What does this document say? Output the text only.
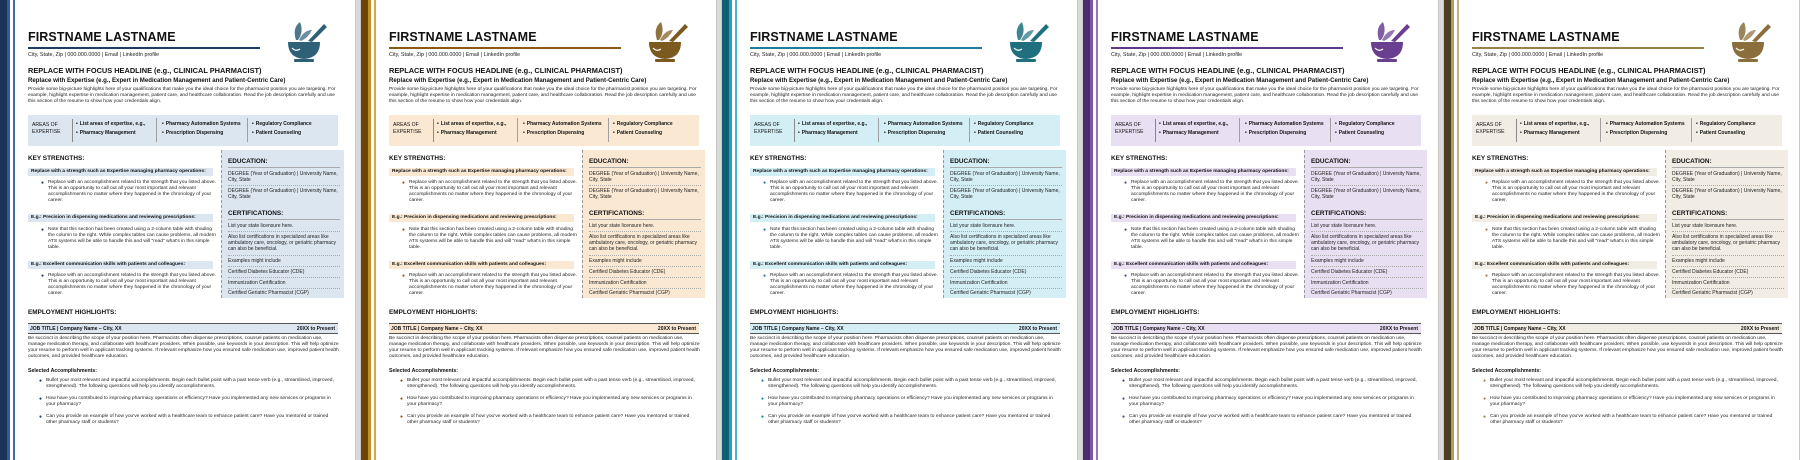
FIRSTNAME LASTNAME
City, State, Zip | 000.000.0000 | Email | LinkedIn profile
REPLACE WITH FOCUS HEADLINE (e.g., CLINICAL PHARMACIST)
Replace with Expertise (e.g., Expert in Medication Management and Patient-Centric Care)
Provide some big-picture highlights here of your qualifications that make you the ideal choice for the pharmacist position you are targeting. For example, highlight expertise in medication management, patient care, and healthcare collaboration. Read the job description carefully and use this section of the resume to show how your credentials align.
AREAS OF
EXPERTISE
• List areas of expertise, e.g.,
• Pharmacy Management
• Pharmacy Automation Systems
• Prescription Dispensing
• Regulatory Compliance
• Patient Counseling
KEY STRENGTHS:
Replace with a strength such as Expertise managing pharmacy operations:
● Replace with an accomplishment related to the strength that you listed above. This is an opportunity to call out all your most important and relevant accomplishments no matter where they happened in the chronology of your career.
E.g.: Precision in dispensing medications and reviewing prescriptions:
● Note that this section has been created using a 2-column table with shading the column to the right. While complex tables can cause problems, all modern ATS systems will be able to handle this and will "read" what's in this simple table.
E.g.: Excellent communication skills with patients and colleagues:
● Replace with an accomplishment related to the strength that you listed above. This is an opportunity to call out all your most important and relevant accomplishments no matter where they happened in the chronology of your career.
EDUCATION:
DEGREE (Year of Graduation) | University Name, City, State
DEGREE (Year of Graduation) | University Name, City, State
CERTIFICATIONS:
List your state licensure here.
Also list certifications in specialized areas like ambulatory care, oncology, or geriatric pharmacy can also be beneficial.
Examples might include
Certified Diabetes Educator (CDE)
Immunization Certification
Certified Geriatric Pharmacist (CGP)
EMPLOYMENT HIGHLIGHTS:
JOB TITLE | Company Name – City, XX	20XX to Present
Be succinct in describing the scope of your position here. Pharmacists often dispense prescriptions, counsel patients on medication use, manage medication therapy, and collaborate with healthcare providers. When possible, use keywords in your description. This will help optimize your resume to perform well in applicant tracking systems. If relevant emphasize how you ensured safe medication use, improved patient health outcomes, and provided healthcare education.
Selected Accomplishments:
● Bullet your most relevant and impactful accomplishments. Begin each bullet point with a past tense verb (e.g., streamlined, improved, strengthened). The following questions will help you identify accomplishments.
● How have you contributed to improving pharmacy operations or efficiency? Have you implemented any new services or programs in your pharmacy?
● Can you provide an example of how you've worked with a healthcare team to enhance patient care? Have you mentored or trained other pharmacy staff or students?
FIRSTNAME LASTNAME
City, State, Zip | 000.000.0000 | Email | LinkedIn profile
REPLACE WITH FOCUS HEADLINE (e.g., CLINICAL PHARMACIST)
Replace with Expertise (e.g., Expert in Medication Management and Patient-Centric Care)
Provide some big-picture highlights here of your qualifications that make you the ideal choice for the pharmacist position you are targeting. For example, highlight expertise in medication management, patient care, and healthcare collaboration. Read the job description carefully and use this section of the resume to show how your credentials align.
AREAS OF
EXPERTISE
• List areas of expertise, e.g.,
• Pharmacy Management
• Pharmacy Automation Systems
• Prescription Dispensing
• Regulatory Compliance
• Patient Counseling
KEY STRENGTHS:
Replace with a strength such as Expertise managing pharmacy operations:
● Replace with an accomplishment related to the strength that you listed above. This is an opportunity to call out all your most important and relevant accomplishments no matter where they happened in the chronology of your career.
E.g.: Precision in dispensing medications and reviewing prescriptions:
● Note that this section has been created using a 2-column table with shading the column to the right. While complex tables can cause problems, all modern ATS systems will be able to handle this and will "read" what's in this simple table.
E.g.: Excellent communication skills with patients and colleagues:
● Replace with an accomplishment related to the strength that you listed above. This is an opportunity to call out all your most important and relevant accomplishments no matter where they happened in the chronology of your career.
EDUCATION:
DEGREE (Year of Graduation) | University Name, City, State
DEGREE (Year of Graduation) | University Name, City, State
CERTIFICATIONS:
List your state licensure here.
Also list certifications in specialized areas like ambulatory care, oncology, or geriatric pharmacy can also be beneficial.
Examples might include
Certified Diabetes Educator (CDE)
Immunization Certification
Certified Geriatric Pharmacist (CGP)
EMPLOYMENT HIGHLIGHTS:
JOB TITLE | Company Name – City, XX	20XX to Present
Be succinct in describing the scope of your position here. Pharmacists often dispense prescriptions, counsel patients on medication use, manage medication therapy, and collaborate with healthcare providers. When possible, use keywords in your description. This will help optimize your resume to perform well in applicant tracking systems. If relevant emphasize how you ensured safe medication use, improved patient health outcomes, and provided healthcare education.
Selected Accomplishments:
● Bullet your most relevant and impactful accomplishments. Begin each bullet point with a past tense verb (e.g., streamlined, improved, strengthened). The following questions will help you identify accomplishments.
● How have you contributed to improving pharmacy operations or efficiency? Have you implemented any new services or programs in your pharmacy?
● Can you provide an example of how you've worked with a healthcare team to enhance patient care? Have you mentored or trained other pharmacy staff or students?
FIRSTNAME LASTNAME
City, State, Zip | 000.000.0000 | Email | LinkedIn profile
REPLACE WITH FOCUS HEADLINE (e.g., CLINICAL PHARMACIST)
Replace with Expertise (e.g., Expert in Medication Management and Patient-Centric Care)
Provide some big-picture highlights here of your qualifications that make you the ideal choice for the pharmacist position you are targeting. For example, highlight expertise in medication management, patient care, and healthcare collaboration. Read the job description carefully and use this section of the resume to show how your credentials align.
AREAS OF
EXPERTISE
• List areas of expertise, e.g.,
• Pharmacy Management
• Pharmacy Automation Systems
• Prescription Dispensing
• Regulatory Compliance
• Patient Counseling
KEY STRENGTHS:
Replace with a strength such as Expertise managing pharmacy operations:
● Replace with an accomplishment related to the strength that you listed above. This is an opportunity to call out all your most important and relevant accomplishments no matter where they happened in the chronology of your career.
E.g.: Precision in dispensing medications and reviewing prescriptions:
● Note that this section has been created using a 2-column table with shading the column to the right. While complex tables can cause problems, all modern ATS systems will be able to handle this and will "read" what's in this simple table.
E.g.: Excellent communication skills with patients and colleagues:
● Replace with an accomplishment related to the strength that you listed above. This is an opportunity to call out all your most important and relevant accomplishments no matter where they happened in the chronology of your career.
EDUCATION:
DEGREE (Year of Graduation) | University Name, City, State
DEGREE (Year of Graduation) | University Name, City, State
CERTIFICATIONS:
List your state licensure here.
Also list certifications in specialized areas like ambulatory care, oncology, or geriatric pharmacy can also be beneficial.
Examples might include
Certified Diabetes Educator (CDE)
Immunization Certification
Certified Geriatric Pharmacist (CGP)
EMPLOYMENT HIGHLIGHTS:
JOB TITLE | Company Name – City, XX	20XX to Present
Be succinct in describing the scope of your position here. Pharmacists often dispense prescriptions, counsel patients on medication use, manage medication therapy, and collaborate with healthcare providers. When possible, use keywords in your description. This will help optimize your resume to perform well in applicant tracking systems. If relevant emphasize how you ensured safe medication use, improved patient health outcomes, and provided healthcare education.
Selected Accomplishments:
● Bullet your most relevant and impactful accomplishments. Begin each bullet point with a past tense verb (e.g., streamlined, improved, strengthened). The following questions will help you identify accomplishments.
● How have you contributed to improving pharmacy operations or efficiency? Have you implemented any new services or programs in your pharmacy?
● Can you provide an example of how you've worked with a healthcare team to enhance patient care? Have you mentored or trained other pharmacy staff or students?
FIRSTNAME LASTNAME
City, State, Zip | 000.000.0000 | Email | LinkedIn profile
REPLACE WITH FOCUS HEADLINE (e.g., CLINICAL PHARMACIST)
Replace with Expertise (e.g., Expert in Medication Management and Patient-Centric Care)
Provide some big-picture highlights here of your qualifications that make you the ideal choice for the pharmacist position you are targeting. For example, highlight expertise in medication management, patient care, and healthcare collaboration. Read the job description carefully and use this section of the resume to show how your credentials align.
AREAS OF
EXPERTISE
• List areas of expertise, e.g.,
• Pharmacy Management
• Pharmacy Automation Systems
• Prescription Dispensing
• Regulatory Compliance
• Patient Counseling
KEY STRENGTHS:
Replace with a strength such as Expertise managing pharmacy operations:
● Replace with an accomplishment related to the strength that you listed above. This is an opportunity to call out all your most important and relevant accomplishments no matter where they happened in the chronology of your career.
E.g.: Precision in dispensing medications and reviewing prescriptions:
● Note that this section has been created using a 2-column table with shading the column to the right. While complex tables can cause problems, all modern ATS systems will be able to handle this and will "read" what's in this simple table.
E.g.: Excellent communication skills with patients and colleagues:
● Replace with an accomplishment related to the strength that you listed above. This is an opportunity to call out all your most important and relevant accomplishments no matter where they happened in the chronology of your career.
EDUCATION:
DEGREE (Year of Graduation) | University Name, City, State
DEGREE (Year of Graduation) | University Name, City, State
CERTIFICATIONS:
List your state licensure here.
Also list certifications in specialized areas like ambulatory care, oncology, or geriatric pharmacy can also be beneficial.
Examples might include
Certified Diabetes Educator (CDE)
Immunization Certification
Certified Geriatric Pharmacist (CGP)
EMPLOYMENT HIGHLIGHTS:
JOB TITLE | Company Name – City, XX	20XX to Present
Be succinct in describing the scope of your position here. Pharmacists often dispense prescriptions, counsel patients on medication use, manage medication therapy, and collaborate with healthcare providers. When possible, use keywords in your description. This will help optimize your resume to perform well in applicant tracking systems. If relevant emphasize how you ensured safe medication use, improved patient health outcomes, and provided healthcare education.
Selected Accomplishments:
● Bullet your most relevant and impactful accomplishments. Begin each bullet point with a past tense verb (e.g., streamlined, improved, strengthened). The following questions will help you identify accomplishments.
● How have you contributed to improving pharmacy operations or efficiency? Have you implemented any new services or programs in your pharmacy?
● Can you provide an example of how you've worked with a healthcare team to enhance patient care? Have you mentored or trained other pharmacy staff or students?
FIRSTNAME LASTNAME
City, State, Zip | 000.000.0000 | Email | LinkedIn profile
REPLACE WITH FOCUS HEADLINE (e.g., CLINICAL PHARMACIST)
Replace with Expertise (e.g., Expert in Medication Management and Patient-Centric Care)
Provide some big-picture highlights here of your qualifications that make you the ideal choice for the pharmacist position you are targeting. For example, highlight expertise in medication management, patient care, and healthcare collaboration. Read the job description carefully and use this section of the resume to show how your credentials align.
AREAS OF
EXPERTISE
• List areas of expertise, e.g.,
• Pharmacy Management
• Pharmacy Automation Systems
• Prescription Dispensing
• Regulatory Compliance
• Patient Counseling
KEY STRENGTHS:
Replace with a strength such as Expertise managing pharmacy operations:
● Replace with an accomplishment related to the strength that you listed above. This is an opportunity to call out all your most important and relevant accomplishments no matter where they happened in the chronology of your career.
E.g.: Precision in dispensing medications and reviewing prescriptions:
● Note that this section has been created using a 2-column table with shading the column to the right. While complex tables can cause problems, all modern ATS systems will be able to handle this and will "read" what's in this simple table.
E.g.: Excellent communication skills with patients and colleagues:
● Replace with an accomplishment related to the strength that you listed above. This is an opportunity to call out all your most important and relevant accomplishments no matter where they happened in the chronology of your career.
EDUCATION:
DEGREE (Year of Graduation) | University Name, City, State
DEGREE (Year of Graduation) | University Name, City, State
CERTIFICATIONS:
List your state licensure here.
Also list certifications in specialized areas like ambulatory care, oncology, or geriatric pharmacy can also be beneficial.
Examples might include
Certified Diabetes Educator (CDE)
Immunization Certification
Certified Geriatric Pharmacist (CGP)
EMPLOYMENT HIGHLIGHTS:
JOB TITLE | Company Name – City, XX	20XX to Present
Be succinct in describing the scope of your position here. Pharmacists often dispense prescriptions, counsel patients on medication use, manage medication therapy, and collaborate with healthcare providers. When possible, use keywords in your description. This will help optimize your resume to perform well in applicant tracking systems. If relevant emphasize how you ensured safe medication use, improved patient health outcomes, and provided healthcare education.
Selected Accomplishments:
● Bullet your most relevant and impactful accomplishments. Begin each bullet point with a past tense verb (e.g., streamlined, improved, strengthened). The following questions will help you identify accomplishments.
● How have you contributed to improving pharmacy operations or efficiency? Have you implemented any new services or programs in your pharmacy?
● Can you provide an example of how you've worked with a healthcare team to enhance patient care? Have you mentored or trained other pharmacy staff or students?
